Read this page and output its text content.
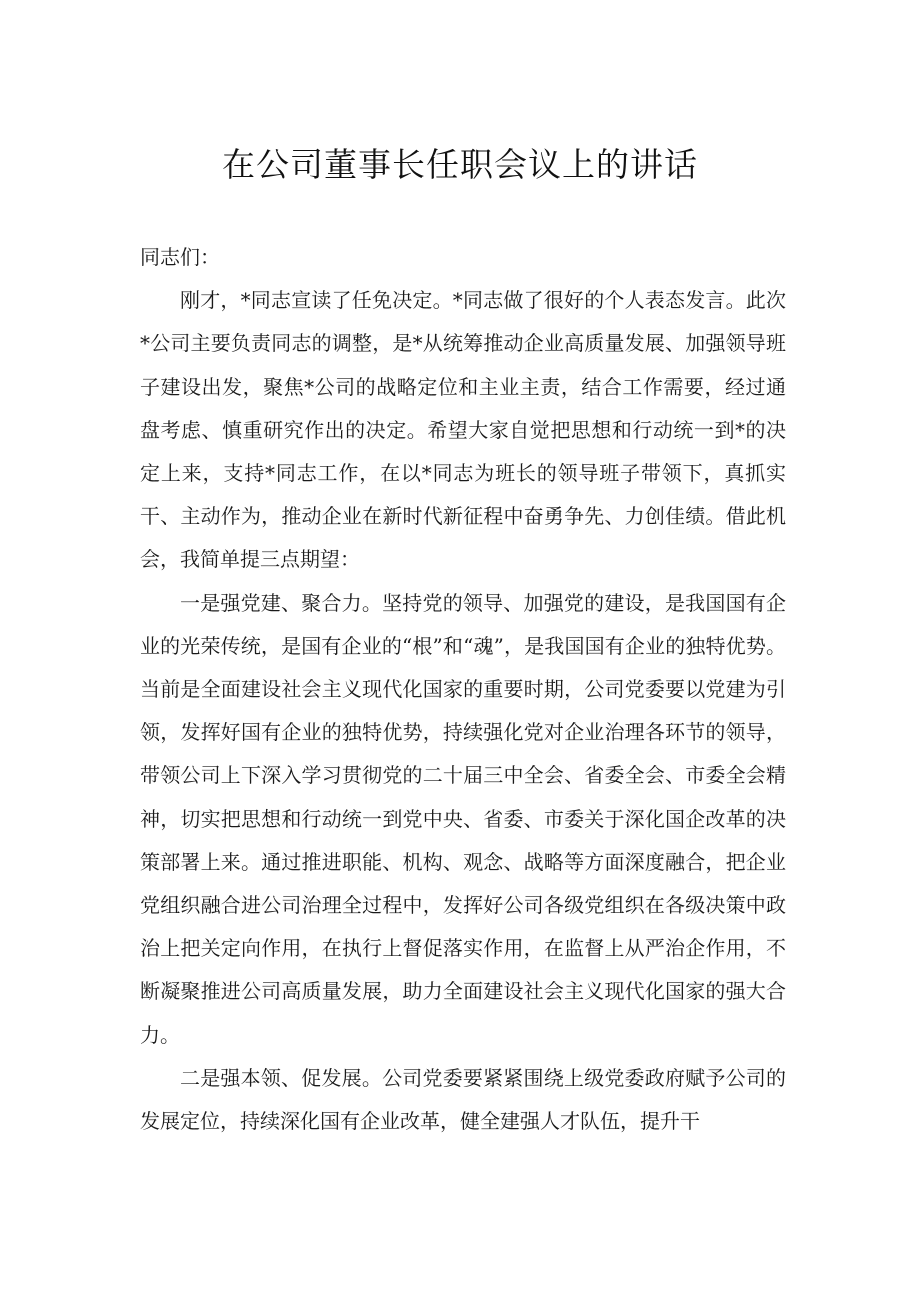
在公司董事长任职会议上的讲话

同志们：

刚才，*同志宣读了任免决定。*同志做了很好的个人表态发言。此次*公司主要负责同志的调整，是*从统筹推动企业高质量发展、加强领导班子建设出发，聚焦*公司的战略定位和主业主责，结合工作需要，经过通盘考虑、慎重研究作出的决定。希望大家自觉把思想和行动统一到*的决定上来，支持*同志工作，在以*同志为班长的领导班子带领下，真抓实干、主动作为，推动企业在新时代新征程中奋勇争先、力创佳绩。借此机会，我简单提三点期望：

一是强党建、聚合力。坚持党的领导、加强党的建设，是我国国有企业的光荣传统，是国有企业的“根”和“魂”，是我国国有企业的独特优势。当前是全面建设社会主义现代化国家的重要时期，公司党委要以党建为引领，发挥好国有企业的独特优势，持续强化党对企业治理各环节的领导，带领公司上下深入学习贯彻党的二十届三中全会、省委全会、市委全会精神，切实把思想和行动统一到党中央、省委、市委关于深化国企改革的决策部署上来。通过推进职能、机构、观念、战略等方面深度融合，把企业党组织融合进公司治理全过程中，发挥好公司各级党组织在各级决策中政治上把关定向作用，在执行上督促落实作用，在监督上从严治企作用，不断凝聚推进公司高质量发展，助力全面建设社会主义现代化国家的强大合力。

二是强本领、促发展。公司党委要紧紧围绕上级党委政府赋予公司的发展定位，持续深化国有企业改革，健全建强人才队伍，提升干
